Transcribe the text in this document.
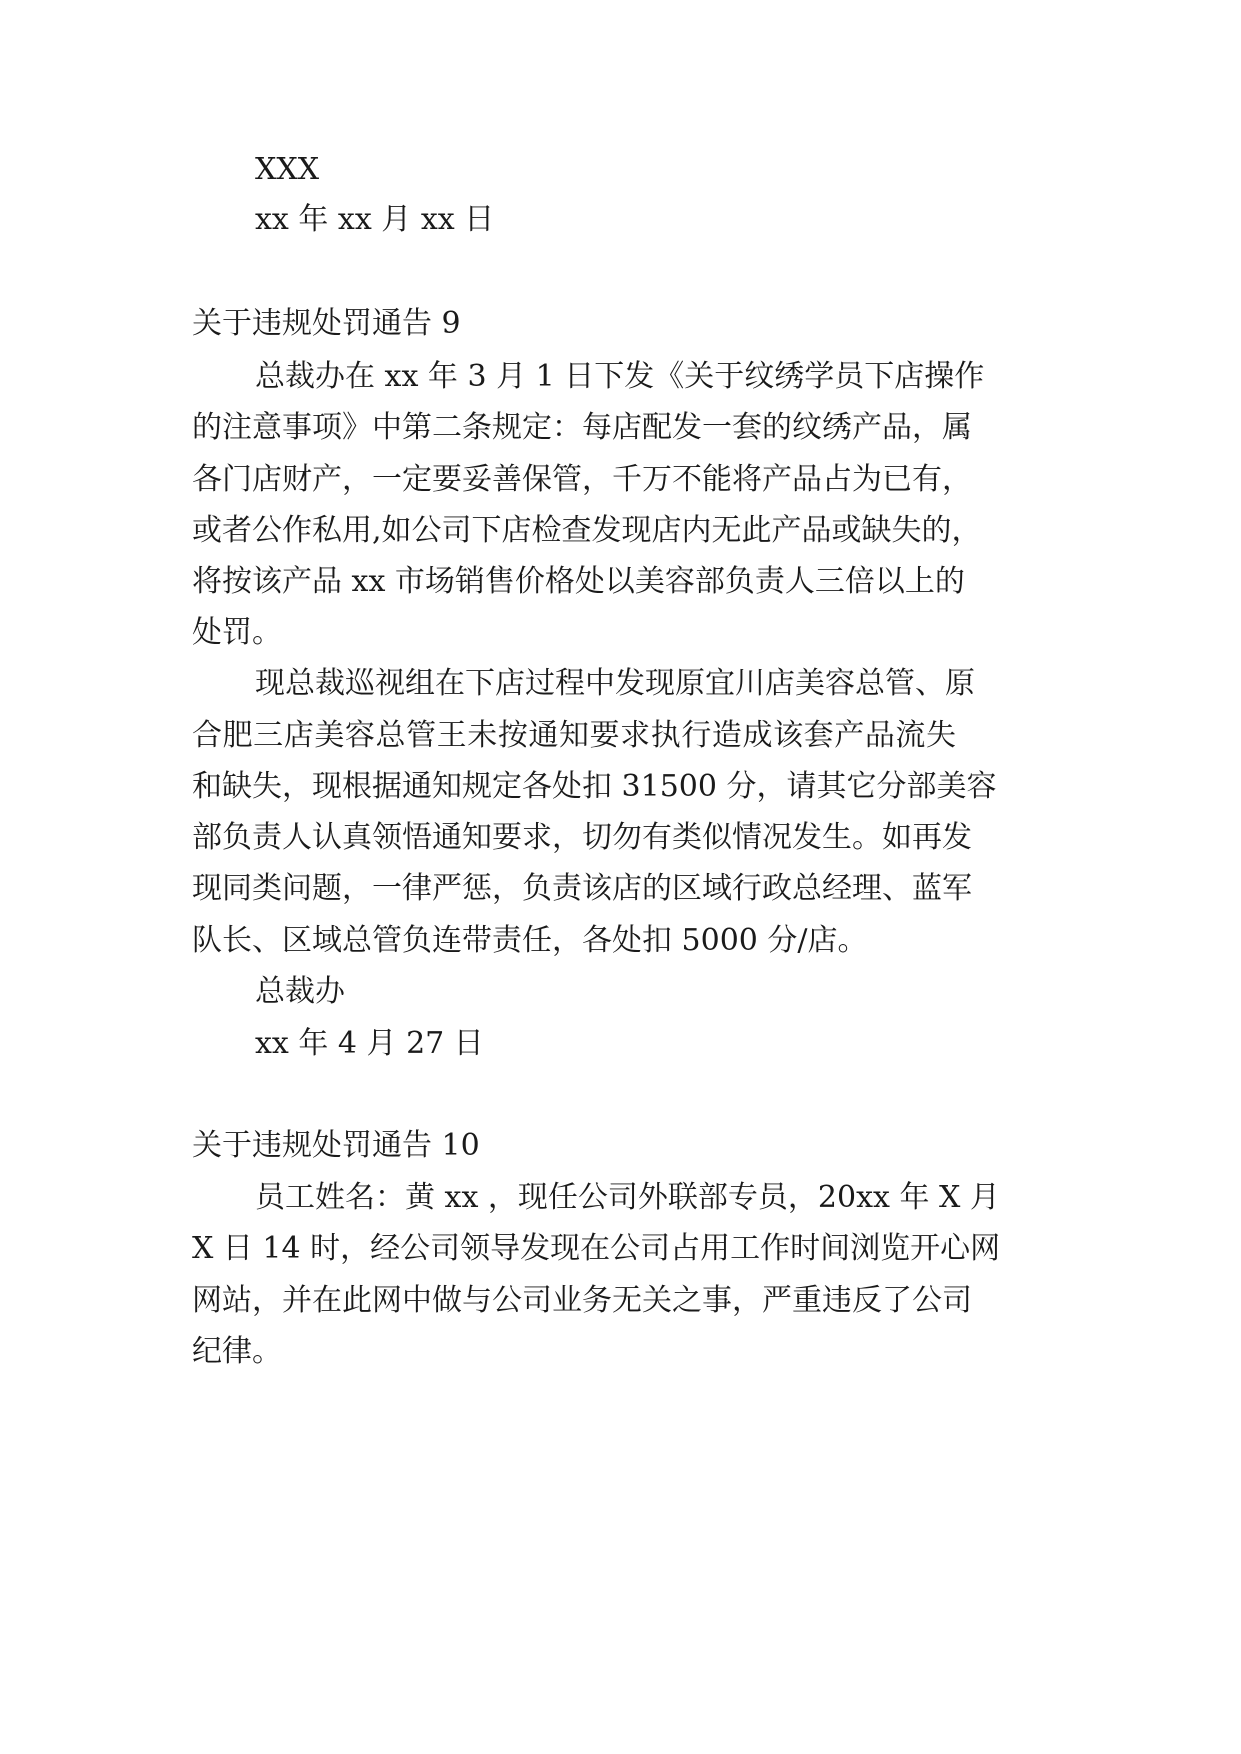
XXX
xx 年 xx 月 xx 日
关于违规处罚通告 9
总裁办在 xx 年 3 月 1 日下发《关于纹绣学员下店操作
的注意事项》中第二条规定：每店配发一套的纹绣产品，属
各门店财产，一定要妥善保管，千万不能将产品占为已有，
或者公作私用,如公司下店检查发现店内无此产品或缺失的，
将按该产品 xx 市场销售价格处以美容部负责人三倍以上的
处罚。
现总裁巡视组在下店过程中发现原宜川店美容总管、原
合肥三店美容总管王未按通知要求执行造成该套产品流失
和缺失，现根据通知规定各处扣 31500 分，请其它分部美容
部负责人认真领悟通知要求，切勿有类似情况发生。如再发
现同类问题，一律严惩，负责该店的区域行政总经理、蓝军
队长、区域总管负连带责任，各处扣 5000 分/店。
总裁办
xx 年 4 月 27 日
关于违规处罚通告 10
员工姓名：黄 xx ，现任公司外联部专员，20xx 年 X 月
X 日 14 时，经公司领导发现在公司占用工作时间浏览开心网
网站，并在此网中做与公司业务无关之事，严重违反了公司
纪律。
